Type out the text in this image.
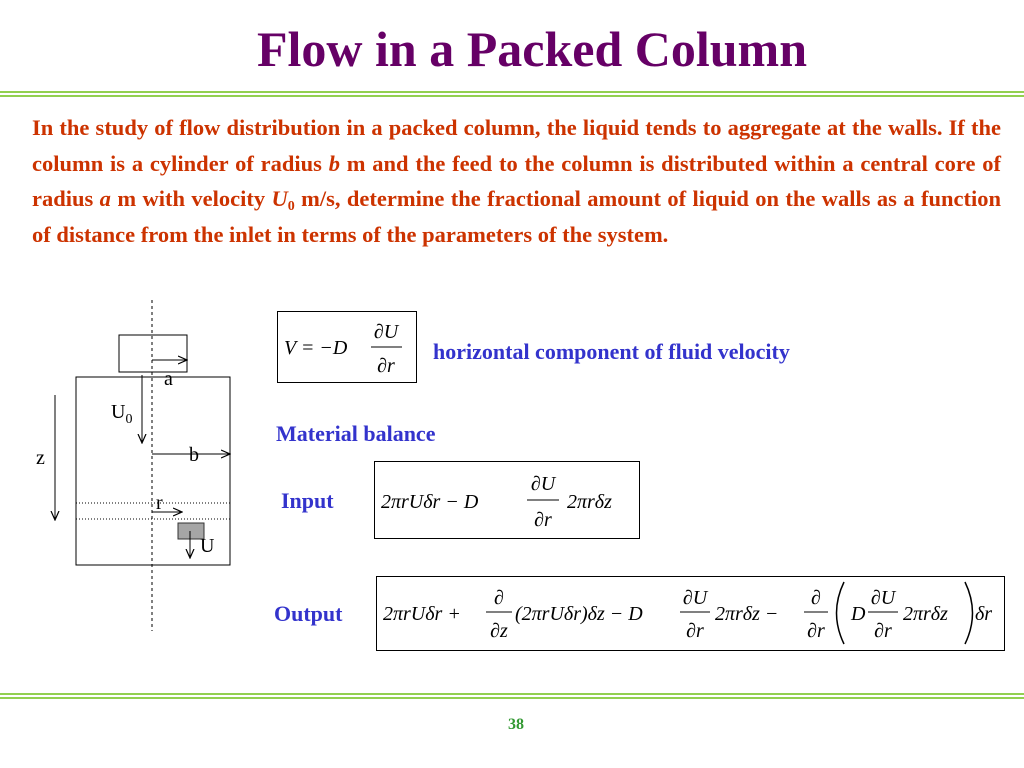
Flow in a Packed Column

In the study of flow distribution in a packed column, the liquid tends to aggregate at the walls. If the column is a cylinder of radius b m and the feed to the column is distributed within a central core of radius a m with velocity $U_0$ m/s, determine the fractional amount of liquid on the walls as a function of distance from the inlet in terms of the parameters of the system.

a
$U_0$
b
z
r
U
V = −D
∂U
∂r
horizontal component of fluid velocity
Material balance
Input 2πrUδr − D
∂U
∂r
2πrδz
Output 2πrUδr +
∂
∂z
(2πrUδr)δz − D
∂U
∂r
2πrδz −
∂
∂r
D
∂U
∂r
2πrδz δr
38
